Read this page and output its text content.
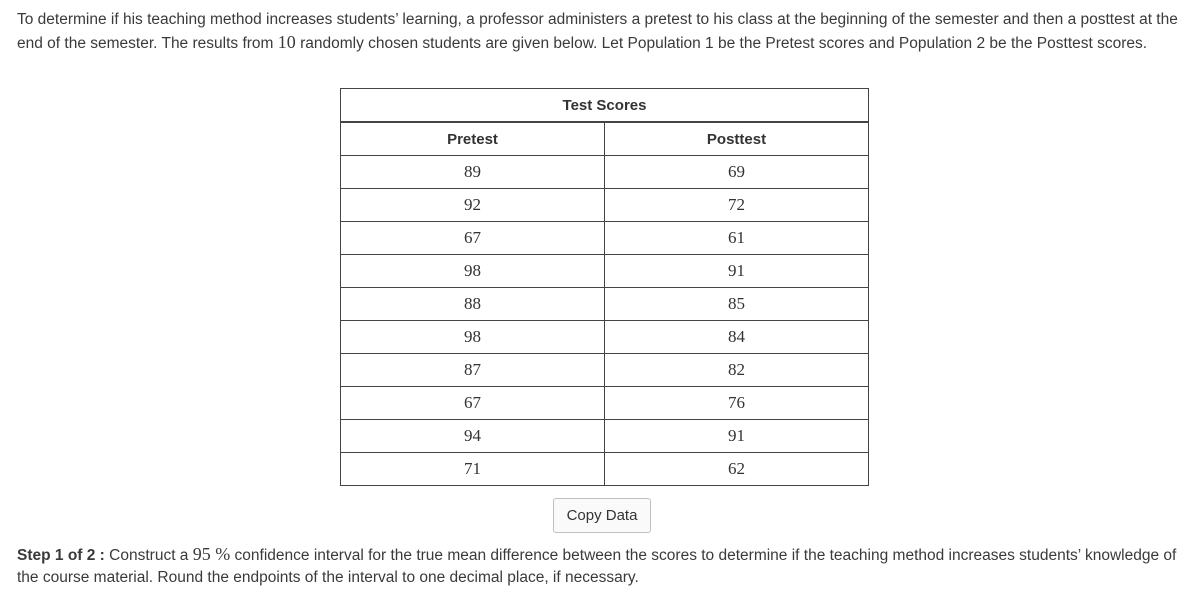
To determine if his teaching method increases students’ learning, a professor administers a pretest to his class at the beginning of the semester and then a posttest at the end of the semester. The results from 10 randomly chosen students are given below. Let Population 1 be the Pretest scores and Population 2 be the Posttest scores.
Test Scores	
Pretest	Posttest
89	69
92	72
67	61
98	91
88	85
98	84
87	82
67	76
94	91
71	62
Copy Data
Step 1 of 2 : Construct a 95 % confidence interval for the true mean difference between the scores to determine if the teaching method increases students’ knowledge of the course material. Round the endpoints of the interval to one decimal place, if necessary.
